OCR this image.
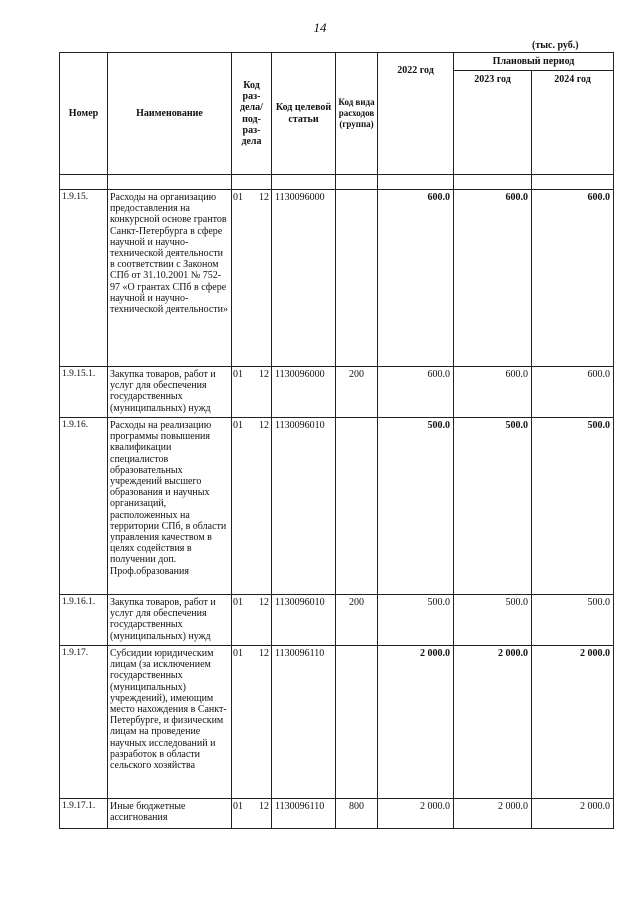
14
(тыс. руб.)
Номер	Наименование	Код раз-дела/ под-раз-дела	Код целевой статьи	Код вида расходов (группа)	2022 год	Плановый период	
						2023 год	2024 год

1.9.15.	Расходы на организацию предоставления на конкурсной основе грантов Санкт-Петербурга в сфере научной и научно-технической деятельности в соответствии с Законом СПб от 31.10.2001 № 752-97 «О грантах СПб в сфере научной и научно-технической деятельности»	01 12	1130096000		600.0	600.0	600.0
1.9.15.1.	Закупка товаров, работ и услуг для обеспечения государственных (муниципальных) нужд	01 12	1130096000	200	600.0	600.0	600.0
1.9.16.	Расходы на реализацию программы повышения квалификации специалистов образовательных учреждений высшего образования и научных организаций, расположенных на территории СПб, в области управления качеством в целях содействия в получении доп. Проф.образования	01 12	1130096010		500.0	500.0	500.0
1.9.16.1.	Закупка товаров, работ и услуг для обеспечения государственных (муниципальных) нужд	01 12	1130096010	200	500.0	500.0	500.0
1.9.17.	Субсидии юридическим лицам (за исключением государственных (муниципальных) учреждений), имеющим место нахождения в Санкт-Петербурге, и физическим лицам на проведение научных исследований и разработок в области сельского хозяйства	01 12	1130096110		2 000.0	2 000.0	2 000.0
1.9.17.1.	Иные бюджетные ассигнования	01 12	1130096110	800	2 000.0	2 000.0	2 000.0
